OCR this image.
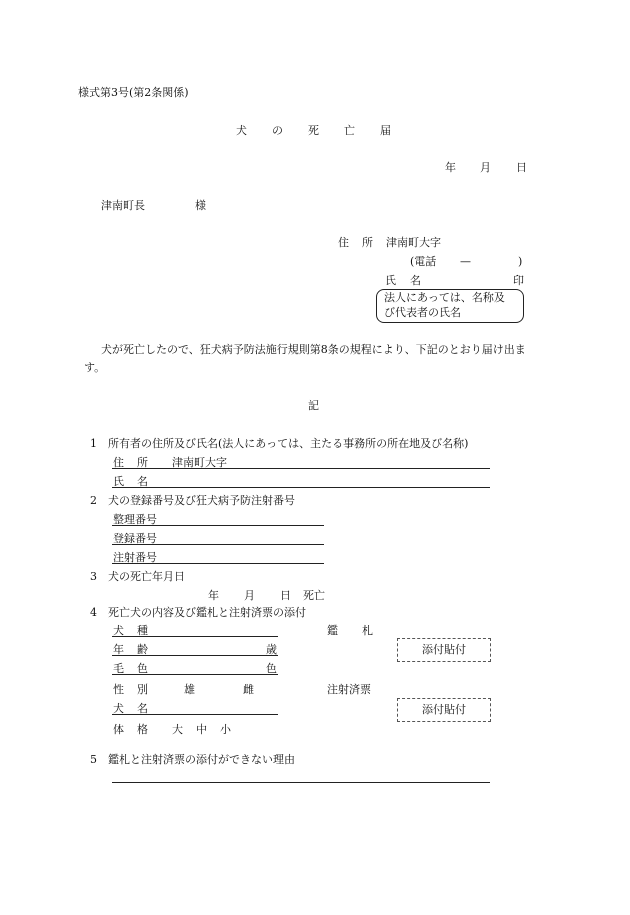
様式第3号(第2条関係)
犬 の 死 亡 届
年 月 日
津南町長	様
住 所 津南町大字
(電話 —	)
氏 名	印
法人にあっては、名称及
び代表者の氏名
犬が死亡したので、狂犬病予防法施行規則第8条の規程により、下記のとおり届け出ま
す。
記
1　所有者の住所及び氏名(法人にあっては、主たる事務所の所在地及び名称)
住 所 津南町大字
氏 名
2　犬の登録番号及び狂犬病予防注射番号
整理番号
登録番号
注射番号
3　犬の死亡年月日
年 月 日 死亡
4　死亡犬の内容及び鑑札と注射済票の添付
犬 種
年 齢	歳
毛 色	色
性 別	雄	雌
犬 名
体 格 大 中 小
鑑 札
添付貼付
注射済票
添付貼付
5　鑑札と注射済票の添付ができない理由
